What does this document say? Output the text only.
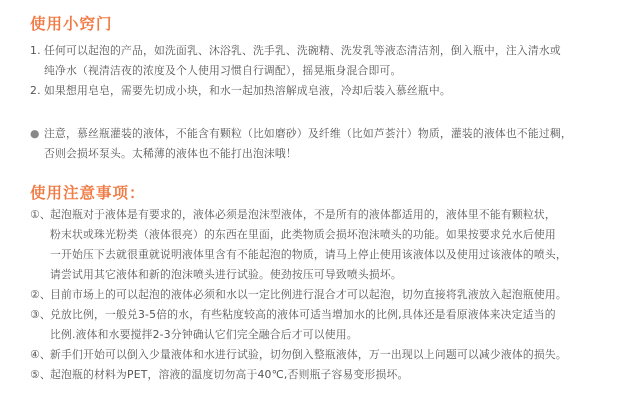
使用小窍门
1. 任何可以起泡的产品，如洗面乳、沐浴乳、洗手乳、洗碗精、洗发乳等液态清洁剂，倒入瓶中，注入清水或
纯净水（视清洁夜的浓度及个人使用习惯自行调配），摇晃瓶身混合即可。
2. 如果想用皂皂，需要先切成小块，和水一起加热溶解成皂液，冷却后装入慕丝瓶中。
● 注意，慕丝瓶灌装的液体，不能含有颗粒（比如磨砂）及纤维（比如芦荟汁）物质，灌装的液体也不能过稠，
否则会损坏泵头。太稀薄的液体也不能打出泡沫哦！
使用注意事项：
①、起泡瓶对于液体是有要求的，液体必须是泡沫型液体，不是所有的液体都适用的，液体里不能有颗粒状，
粉末状或珠光粉类（液体很亮）的东西在里面，此类物质会损坏泡沫喷头的功能。如果按要求兑水后使用
一开始压下去就很重就说明液体里含有不能起泡的物质，请马上停止使用该液体以及使用过该液体的喷头，
请尝试用其它液体和新的泡沫喷头进行试验。使劲按压可导致喷头损坏。
②、目前市场上的可以起泡的液体必须和水以一定比例进行混合才可以起泡，切勿直接将乳液放入起泡瓶使用。
③、兑放比例，一般兑3-5倍的水，有些粘度较高的液体可适当增加水的比例,具体还是看原液体来决定适当的
比例.液体和水要搅拌2-3分钟确认它们完全融合后才可以使用。
④、新手们开始可以倒入少量液体和水进行试验，切勿倒入整瓶液体，万一出现以上问题可以减少液体的损失。
⑤、起泡瓶的材料为PET，溶液的温度切勿高于40℃,否则瓶子容易变形损坏。
